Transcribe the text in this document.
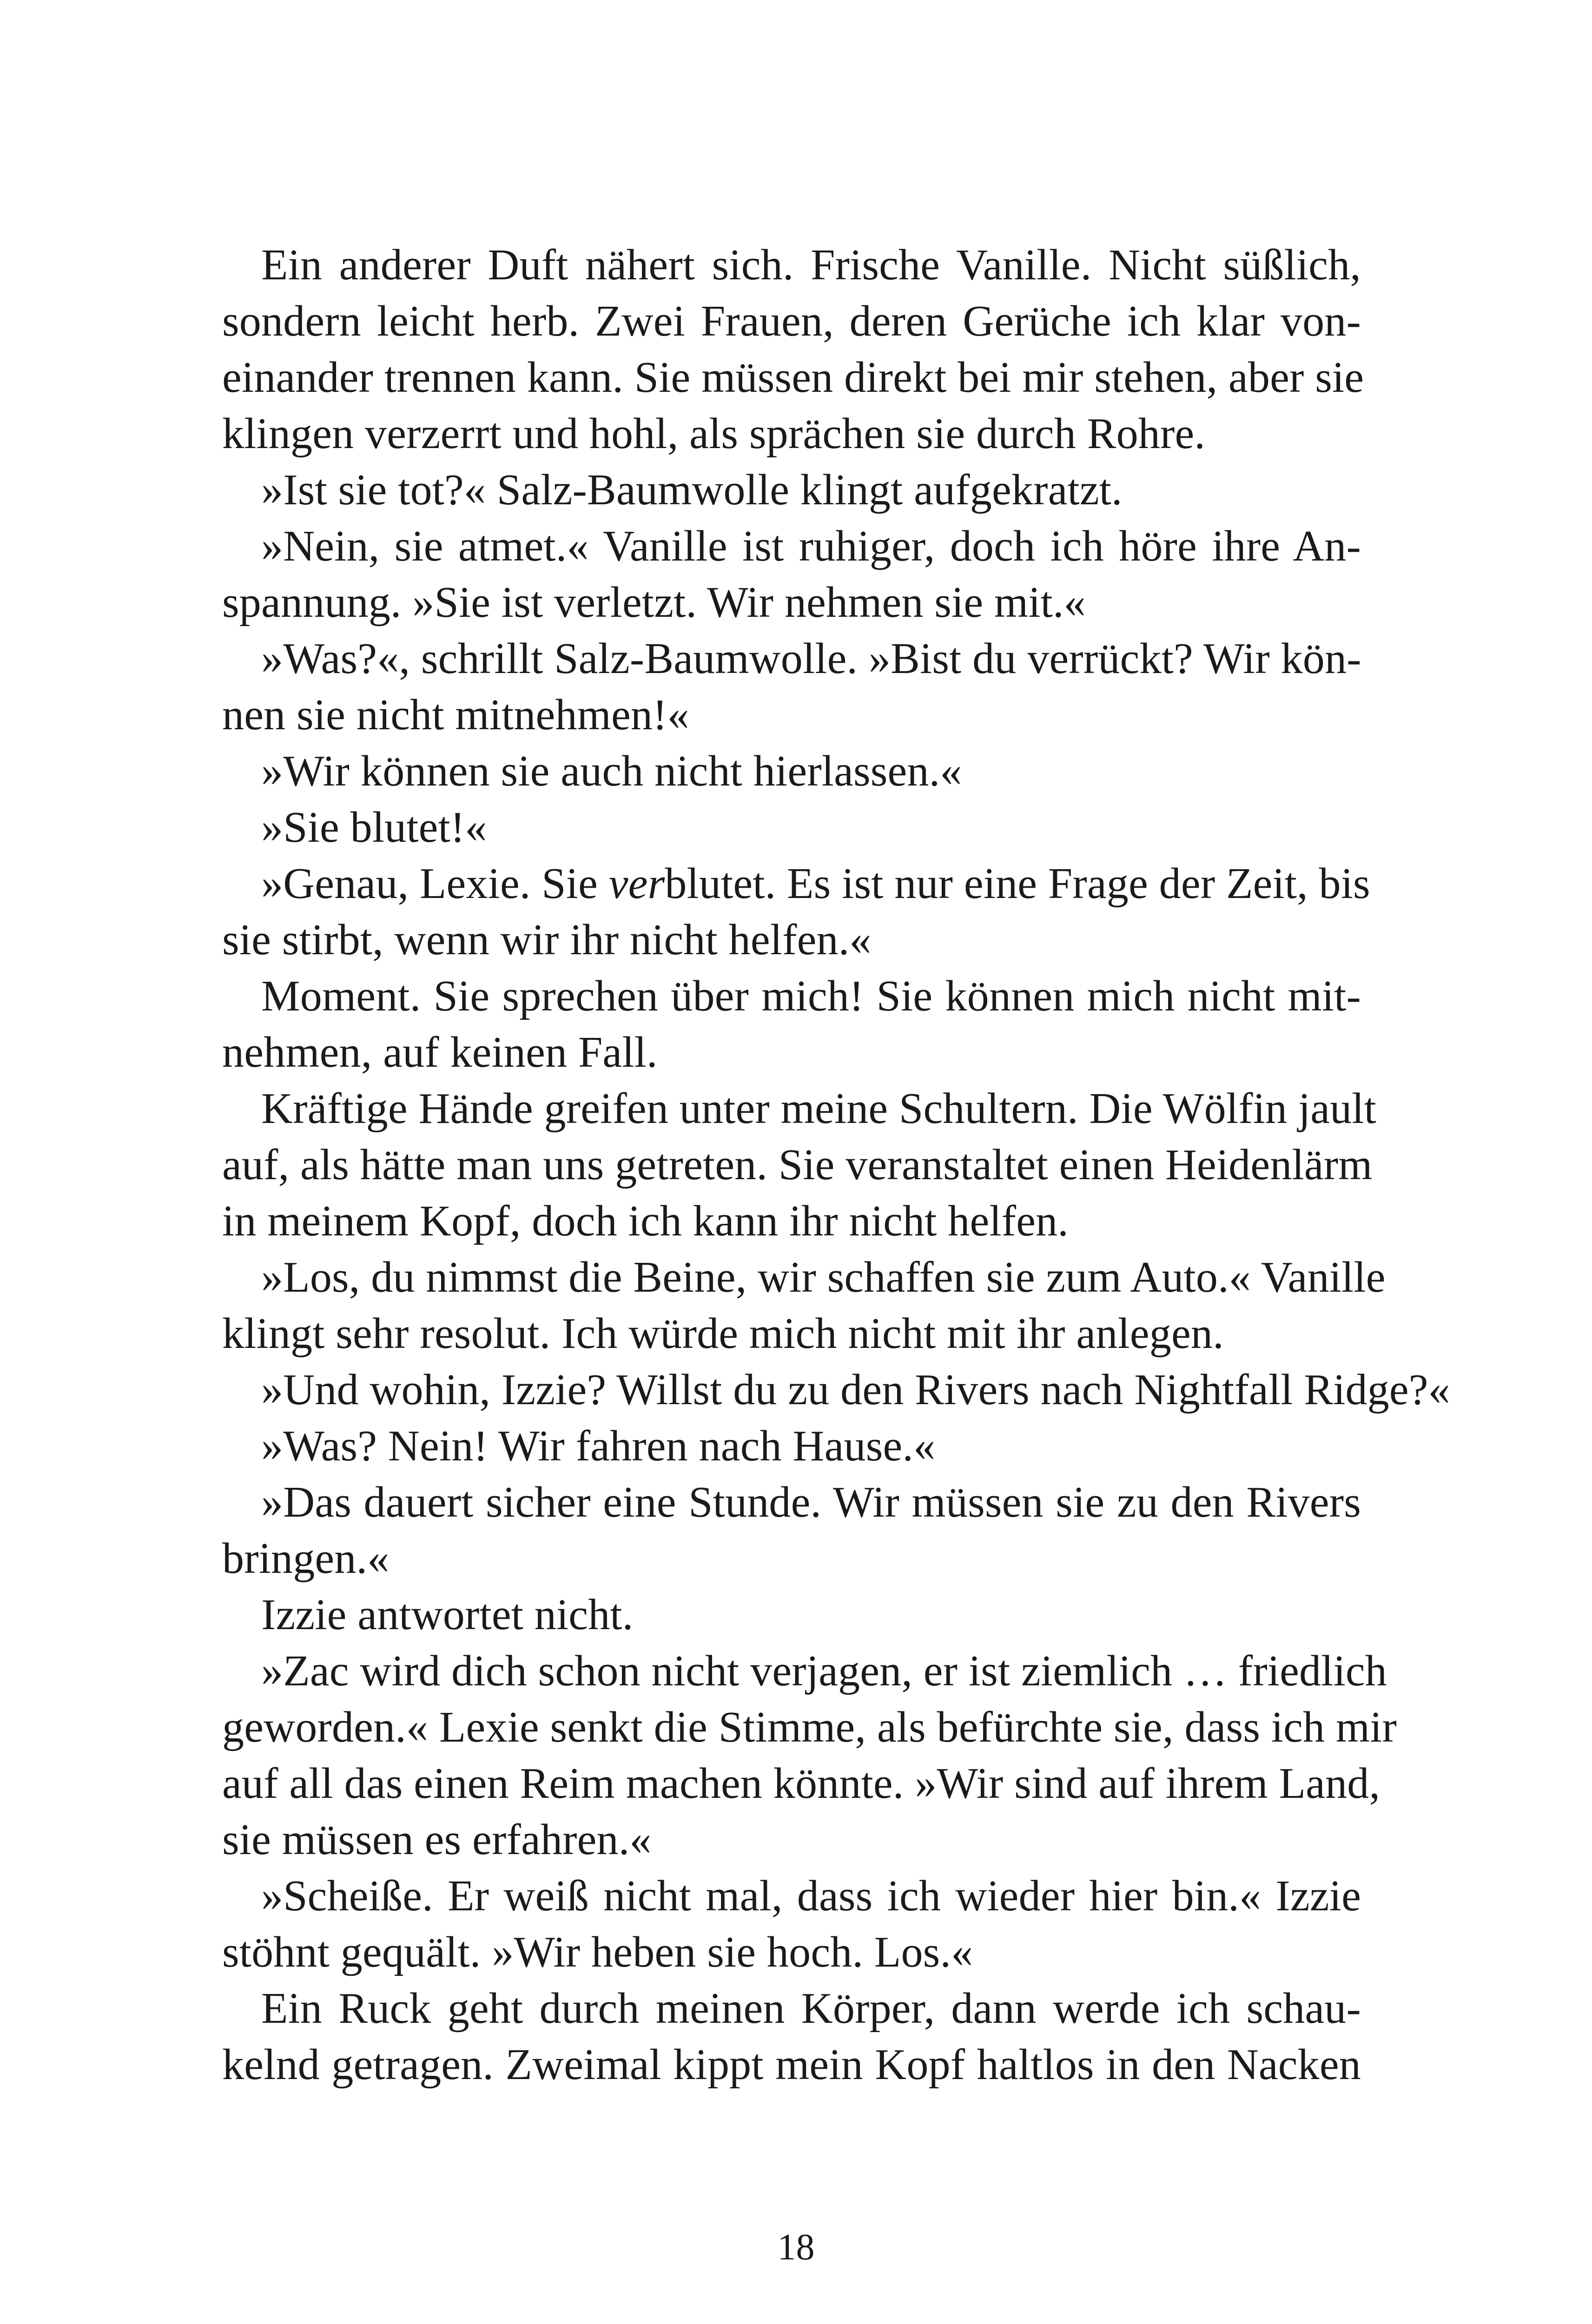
Ein anderer Duft nähert sich. Frische Vanille. Nicht süßlich,
sondern leicht herb. Zwei Frauen, deren Gerüche ich klar von-
einander trennen kann. Sie müssen direkt bei mir stehen, aber sie
klingen verzerrt und hohl, als sprächen sie durch Rohre.
»Ist sie tot?« Salz-Baumwolle klingt aufgekratzt.
»Nein, sie atmet.« Vanille ist ruhiger, doch ich höre ihre An-
spannung. »Sie ist verletzt. Wir nehmen sie mit.«
»Was?«, schrillt Salz-Baumwolle. »Bist du verrückt? Wir kön-
nen sie nicht mitnehmen!«
»Wir können sie auch nicht hierlassen.«
»Sie blutet!«
»Genau, Lexie. Sie verblutet. Es ist nur eine Frage der Zeit, bis
sie stirbt, wenn wir ihr nicht helfen.«
Moment. Sie sprechen über mich! Sie können mich nicht mit-
nehmen, auf keinen Fall.
Kräftige Hände greifen unter meine Schultern. Die Wölfin jault
auf, als hätte man uns getreten. Sie veranstaltet einen Heidenlärm
in meinem Kopf, doch ich kann ihr nicht helfen.
»Los, du nimmst die Beine, wir schaffen sie zum Auto.« Vanille
klingt sehr resolut. Ich würde mich nicht mit ihr anlegen.
»Und wohin, Izzie? Willst du zu den Rivers nach Nightfall Ridge?«
»Was? Nein! Wir fahren nach Hause.«
»Das dauert sicher eine Stunde. Wir müssen sie zu den Rivers
bringen.«
Izzie antwortet nicht.
»Zac wird dich schon nicht verjagen, er ist ziemlich … friedlich
geworden.« Lexie senkt die Stimme, als befürchte sie, dass ich mir
auf all das einen Reim machen könnte. »Wir sind auf ihrem Land,
sie müssen es erfahren.«
»Scheiße. Er weiß nicht mal, dass ich wieder hier bin.« Izzie
stöhnt gequält. »Wir heben sie hoch. Los.«
Ein Ruck geht durch meinen Körper, dann werde ich schau-
kelnd getragen. Zweimal kippt mein Kopf haltlos in den Nacken
18
